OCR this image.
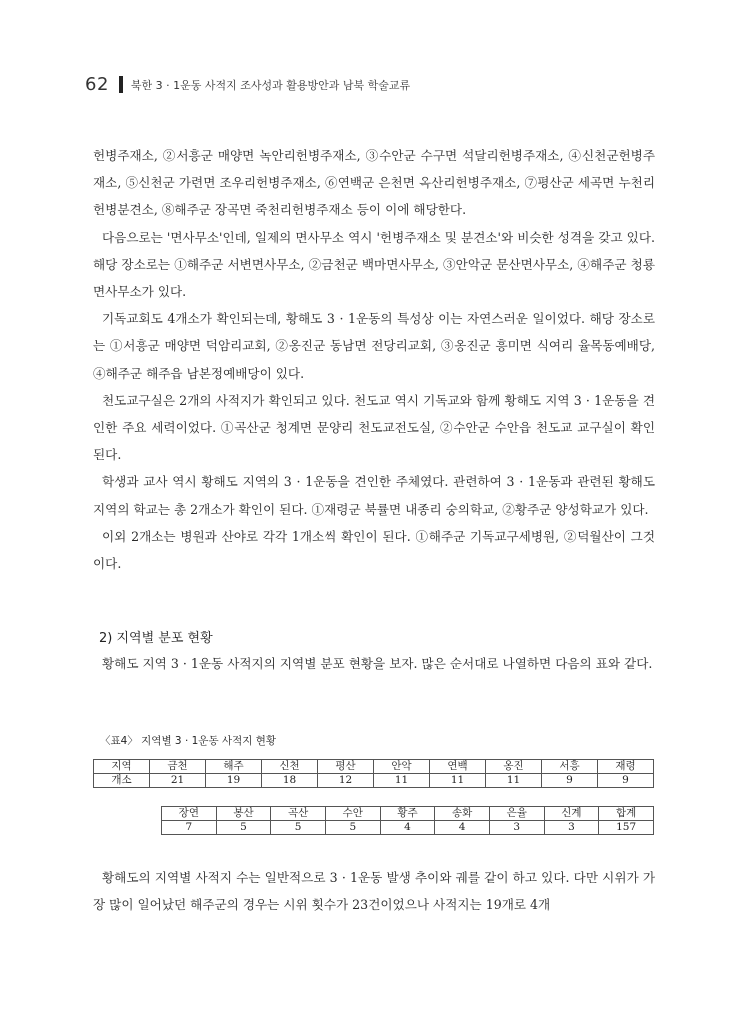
62 북한 3 · 1운동 사적지 조사성과 활용방안과 남북 학술교류

헌병주재소, ②서흥군 매양면 녹안리헌병주재소, ③수안군 수구면 석달리헌병주재소, ④신천군헌병주재소, ⑤신천군 가련면 조우리헌병주재소, ⑥연백군 은천면 옥산리헌병주재소, ⑦평산군 세곡면 누천리헌병분견소, ⑧해주군 장곡면 죽천리헌병주재소 등이 이에 해당한다.

다음으로는 '면사무소'인데, 일제의 면사무소 역시 '헌병주재소 및 분견소'와 비슷한 성격을 갖고 있다. 해당 장소로는 ①해주군 서변면사무소, ②금천군 백마면사무소, ③안악군 문산면사무소, ④해주군 청룡면사무소가 있다.

기독교회도 4개소가 확인되는데, 황해도 3 · 1운동의 특성상 이는 자연스러운 일이었다. 해당 장소로는 ①서흥군 매양면 덕암리교회, ②옹진군 동남면 전당리교회, ③옹진군 흥미면 식여리 율목동예배당, ④해주군 해주읍 남본정예배당이 있다.

천도교구실은 2개의 사적지가 확인되고 있다. 천도교 역시 기독교와 함께 황해도 지역 3 · 1운동을 견인한 주요 세력이었다. ①곡산군 청계면 문양리 천도교전도실, ②수안군 수안읍 천도교 교구실이 확인된다.

학생과 교사 역시 황해도 지역의 3 · 1운동을 견인한 주체였다. 관련하여 3 · 1운동과 관련된 황해도 지역의 학교는 총 2개소가 확인이 된다. ①재령군 북률면 내종리 숭의학교, ②황주군 양성학교가 있다.

이외 2개소는 병원과 산야로 각각 1개소씩 확인이 된다. ①해주군 기독교구세병원, ②덕월산이 그것이다.

2) 지역별 분포 현황

황해도 지역 3 · 1운동 사적지의 지역별 분포 현황을 보자. 많은 순서대로 나열하면 다음의 표와 같다.

〈표4〉 지역별 3 · 1운동 사적지 현황
지역	금천	해주	신천	평산	안악	연백	옹진	서흥	재령
개소	21	19	18	12	11	11	11	9	9
장연	봉산	곡산	수안	황주	송화	은율	신계	합계
7	5	5	5	4	4	3	3	157

황해도의 지역별 사적지 수는 일반적으로 3 · 1운동 발생 추이와 궤를 같이 하고 있다. 다만 시위가 가장 많이 일어났던 해주군의 경우는 시위 횟수가 23건이었으나 사적지는 19개로 4개
